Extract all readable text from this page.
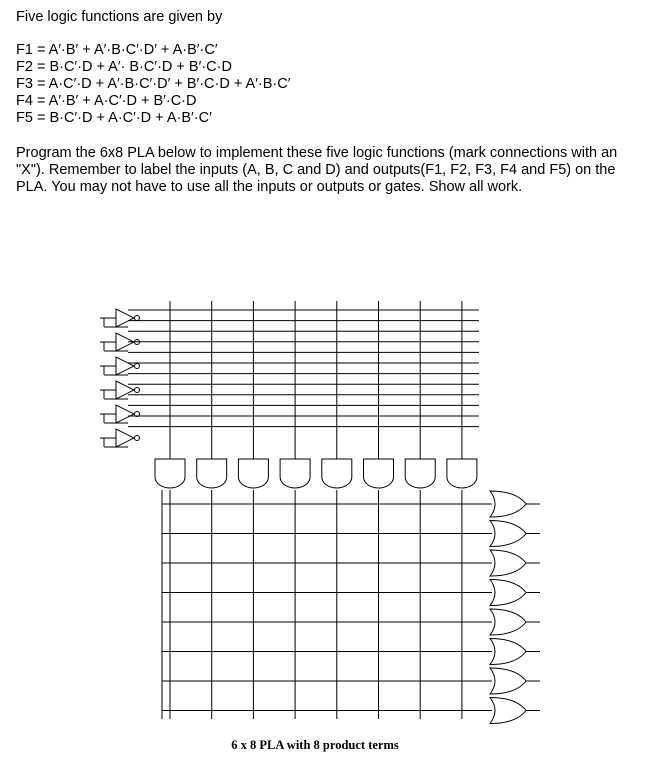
Five logic functions are given by

F1 = A′·B′ + A′·B·C′·D′ + A·B′·C′
F2 = B·C′·D + A′· B·C′·D + B′·C·D
F3 = A·C′·D + A′·B·C′·D′ + B′·C·D + A′·B·C′
F4 = A′·B′ + A·C′·D + B′·C·D
F5 = B·C′·D + A·C′·D + A·B′·C′

Program the 6x8 PLA below to implement these five logic functions (mark connections with an "X"). Remember to label the inputs (A, B, C and D) and outputs(F1, F2, F3, F4 and F5) on the PLA. You may not have to use all the inputs or outputs or gates. Show all work.

6 x 8 PLA with 8 product terms
